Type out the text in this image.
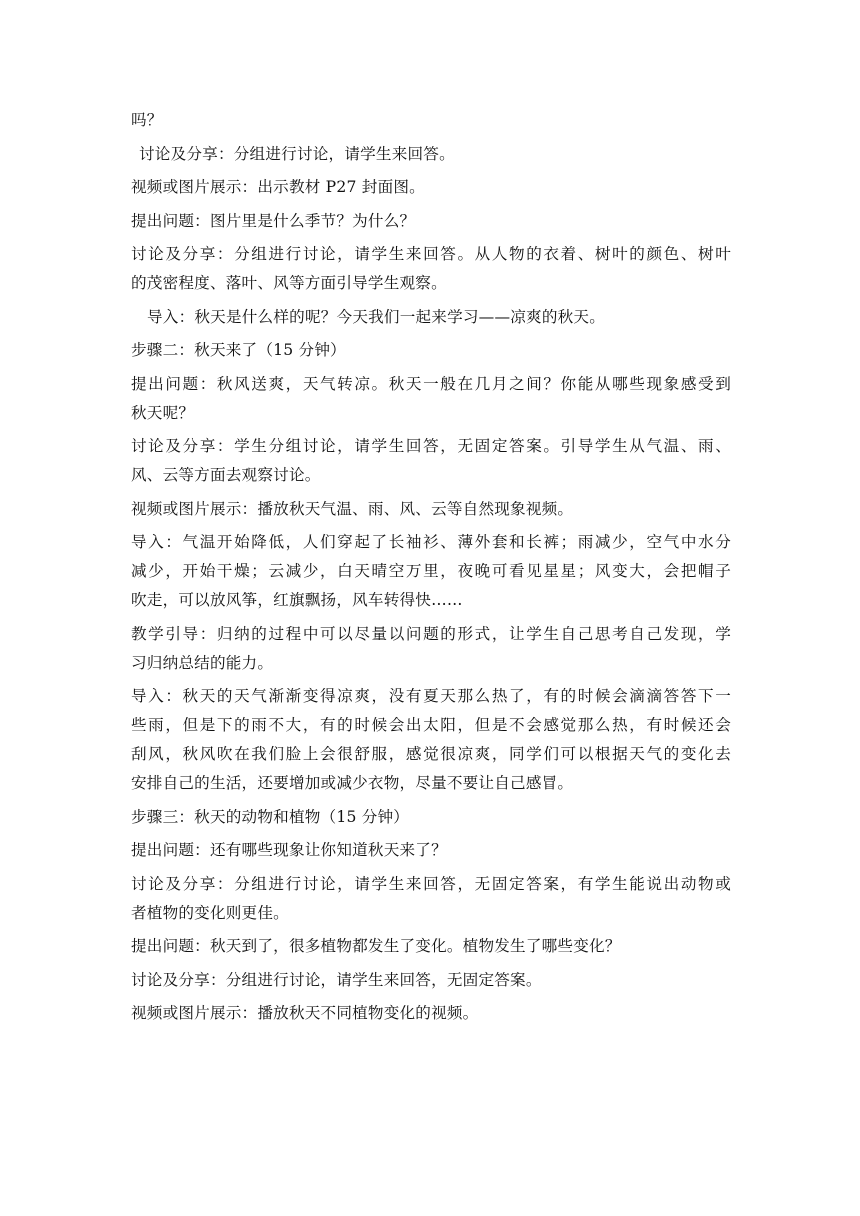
吗？
讨论及分享：分组进行讨论，请学生来回答。
视频或图片展示：出示教材 P27 封面图。
提出问题：图片里是什么季节？为什么？
讨论及分享：分组进行讨论，请学生来回答。从人物的衣着、树叶的颜色、树叶
的茂密程度、落叶、风等方面引导学生观察。
导入：秋天是什么样的呢？今天我们一起来学习——凉爽的秋天。
步骤二：秋天来了（15 分钟）
提出问题：秋风送爽，天气转凉。秋天一般在几月之间？你能从哪些现象感受到
秋天呢？
讨论及分享：学生分组讨论，请学生回答，无固定答案。引导学生从气温、雨、
风、云等方面去观察讨论。
视频或图片展示：播放秋天气温、雨、风、云等自然现象视频。
导入：气温开始降低，人们穿起了长袖衫、薄外套和长裤；雨减少，空气中水分
减少，开始干燥；云减少，白天晴空万里，夜晚可看见星星；风变大，会把帽子
吹走，可以放风筝，红旗飘扬，风车转得快……
教学引导：归纳的过程中可以尽量以问题的形式，让学生自己思考自己发现，学
习归纳总结的能力。
导入：秋天的天气渐渐变得凉爽，没有夏天那么热了，有的时候会滴滴答答下一
些雨，但是下的雨不大，有的时候会出太阳，但是不会感觉那么热，有时候还会
刮风，秋风吹在我们脸上会很舒服，感觉很凉爽，同学们可以根据天气的变化去
安排自己的生活，还要增加或减少衣物，尽量不要让自己感冒。
步骤三：秋天的动物和植物（15 分钟）
提出问题：还有哪些现象让你知道秋天来了？
讨论及分享：分组进行讨论，请学生来回答，无固定答案，有学生能说出动物或
者植物的变化则更佳。
提出问题：秋天到了，很多植物都发生了变化。植物发生了哪些变化？
讨论及分享：分组进行讨论，请学生来回答，无固定答案。
视频或图片展示：播放秋天不同植物变化的视频。
